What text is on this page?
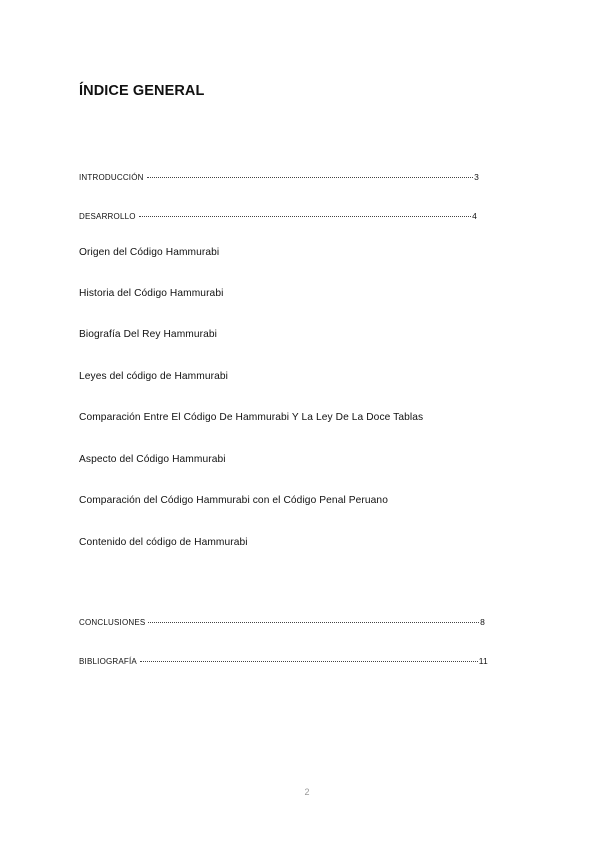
ÍNDICE GENERAL
INTRODUCCIÓN	3
DESARROLLO	4
Origen del Código Hammurabi
Historia del Código Hammurabi
Biografía Del Rey Hammurabi
Leyes del código de Hammurabi
Comparación Entre El Código De Hammurabi Y La Ley De La Doce Tablas
Aspecto del Código Hammurabi
Comparación del Código Hammurabi con el Código Penal Peruano
Contenido del código de Hammurabi
CONCLUSIONES	8
BIBLIOGRAFÍA	11
2
